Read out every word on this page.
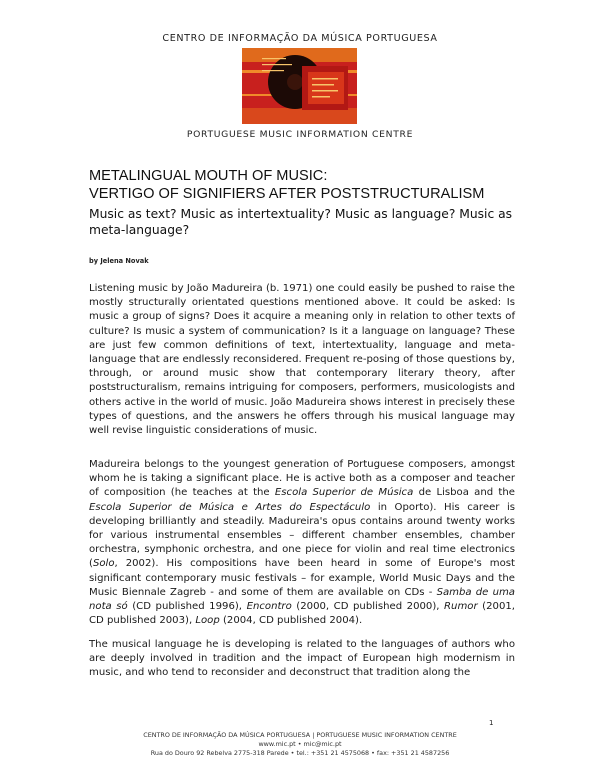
CENTRO DE INFORMAÇÃO DA MÚSICA PORTUGUESA
PORTUGUESE MUSIC INFORMATION CENTRE
METALINGUAL MOUTH OF MUSIC:
VERTIGO OF SIGNIFIERS AFTER POSTSTRUCTURALISM

Music as text? Music as intertextuality? Music as language? Music as meta-language?

by Jelena Novak

Listening music by João Madureira (b. 1971) one could easily be pushed to raise the mostly structurally orientated questions mentioned above. It could be asked: Is music a group of signs? Does it acquire a meaning only in relation to other texts of culture? Is music a system of communication? Is it a language on language? These are just few common definitions of text, intertextuality, language and meta-language that are endlessly reconsidered. Frequent re-posing of those questions by, through, or around music show that contemporary literary theory, after poststructuralism, remains intriguing for composers, performers, musicologists and others active in the world of music. João Madureira shows interest in precisely these types of questions, and the answers he offers through his musical language may well revise linguistic considerations of music.

Madureira belongs to the youngest generation of Portuguese composers, amongst whom he is taking a significant place. He is active both as a composer and teacher of composition (he teaches at the Escola Superior de Música de Lisboa and the Escola Superior de Música e Artes do Espectáculo in Oporto). His career is developing brilliantly and steadily. Madureira's opus contains around twenty works for various instrumental ensembles – different chamber ensembles, chamber orchestra, symphonic orchestra, and one piece for violin and real time electronics (Solo, 2002). His compositions have been heard in some of Europe's most significant contemporary music festivals – for example, World Music Days and the Music Biennale Zagreb - and some of them are available on CDs - Samba de uma nota só (CD published 1996), Encontro (2000, CD published 2000), Rumor (2001, CD published 2003), Loop (2004, CD published 2004).

The musical language he is developing is related to the languages of authors who are deeply involved in tradition and the impact of European high modernism in music, and who tend to reconsider and deconstruct that tradition along the

1
CENTRO DE INFORMAÇÃO DA MÚSICA PORTUGUESA | PORTUGUESE MUSIC INFORMATION CENTRE
www.mic.pt • mic@mic.pt
Rua do Douro 92 Rebelva 2775-318 Parede • tel.: +351 21 4575068 • fax: +351 21 4587256
